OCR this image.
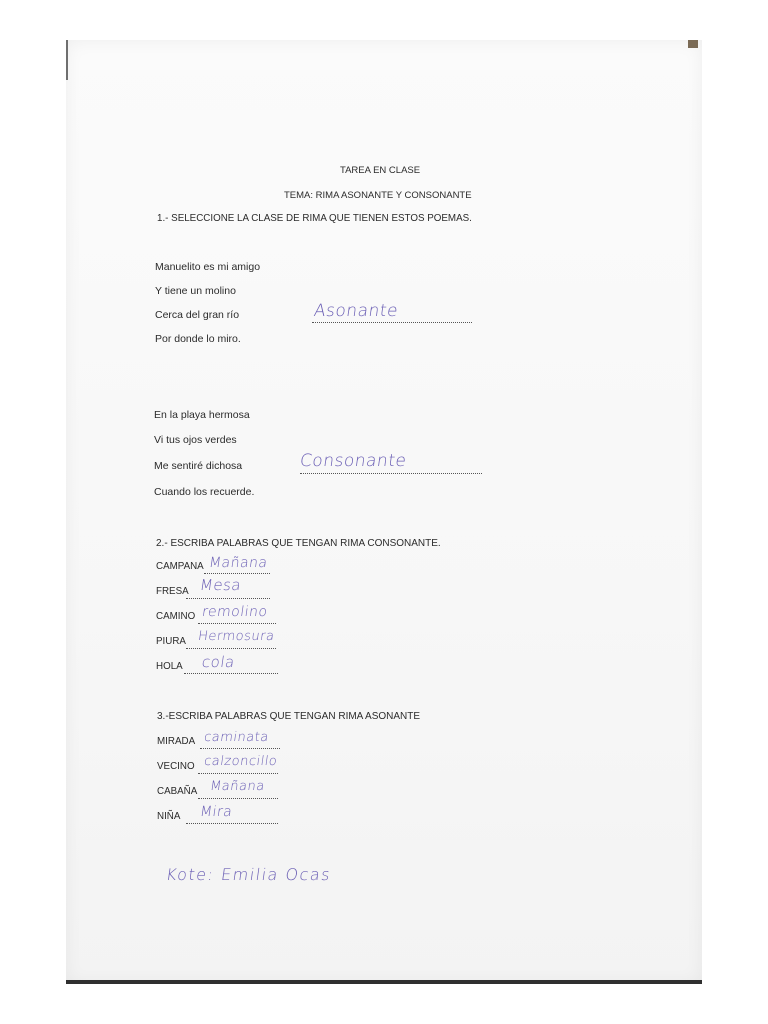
TAREA EN CLASE
TEMA: RIMA ASONANTE Y CONSONANTE
1.- SELECCIONE LA CLASE DE RIMA QUE TIENEN ESTOS POEMAS.
Manuelito es mi amigo
Y tiene un molino
Cerca del gran río
Por donde lo miro.
Asonante
En la playa hermosa
Vi tus ojos verdes
Me sentiré dichosa
Cuando los recuerde.
Consonante
2.- ESCRIBA PALABRAS QUE TENGAN RIMA CONSONANTE.
CAMPANA Mañana
FRESA Mesa
CAMINO remolino
PIURA Hermosura
HOLA cola
3.-ESCRIBA PALABRAS QUE TENGAN RIMA ASONANTE
MIRADA caminata
VECINO calzoncillo
CABAÑA Mañana
NIÑA Mira
Kote: Emilia Ocas
